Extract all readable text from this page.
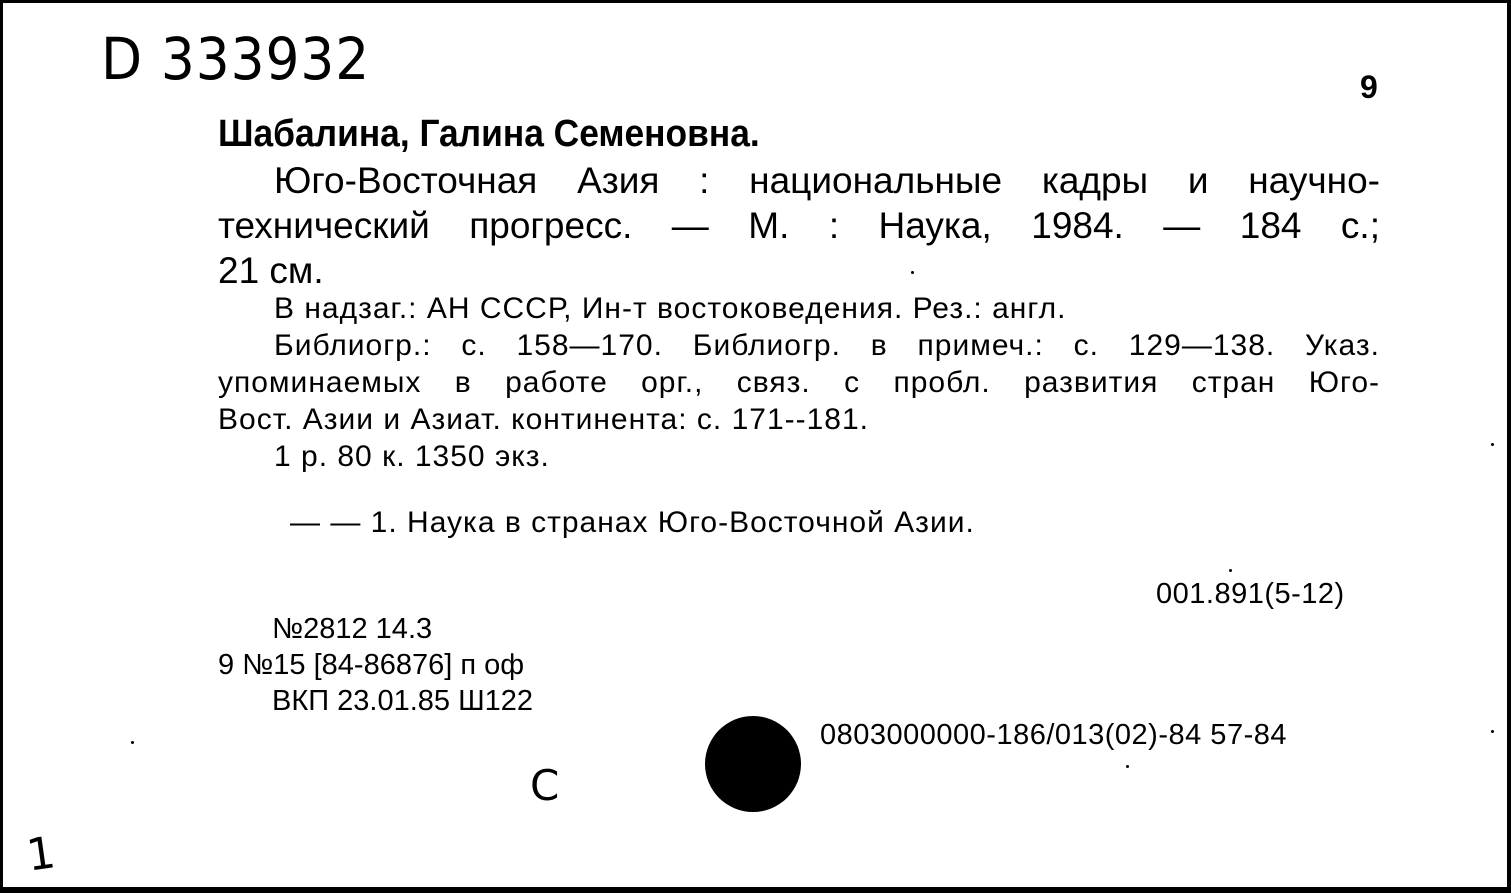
D 333932	9
Шабалина, Галина Семеновна.
Юго-Восточная Азия : национальные кадры и научно-
технический прогресс. — М. : Наука, 1984. — 184 с.;
21 см.
В надзаг.: АН СССР, Ин-т востоковедения. Рез.: англ.
Библиогр.: с. 158—170. Библиогр. в примеч.: с. 129—138. Указ.
упоминаемых в работе орг., связ. с пробл. развития стран Юго-
Вост. Азии и Азиат. континента: с. 171--181.
1 р. 80 к. 1350 экз.
— — 1. Наука в странах Юго-Восточной Азии.
001.891(5-12)
№2812 14.3
9 №15 [84-86876] п оф
ВКП 23.01.85 Ш122
0803000000-186/013(02)-84 57-84
С
1
